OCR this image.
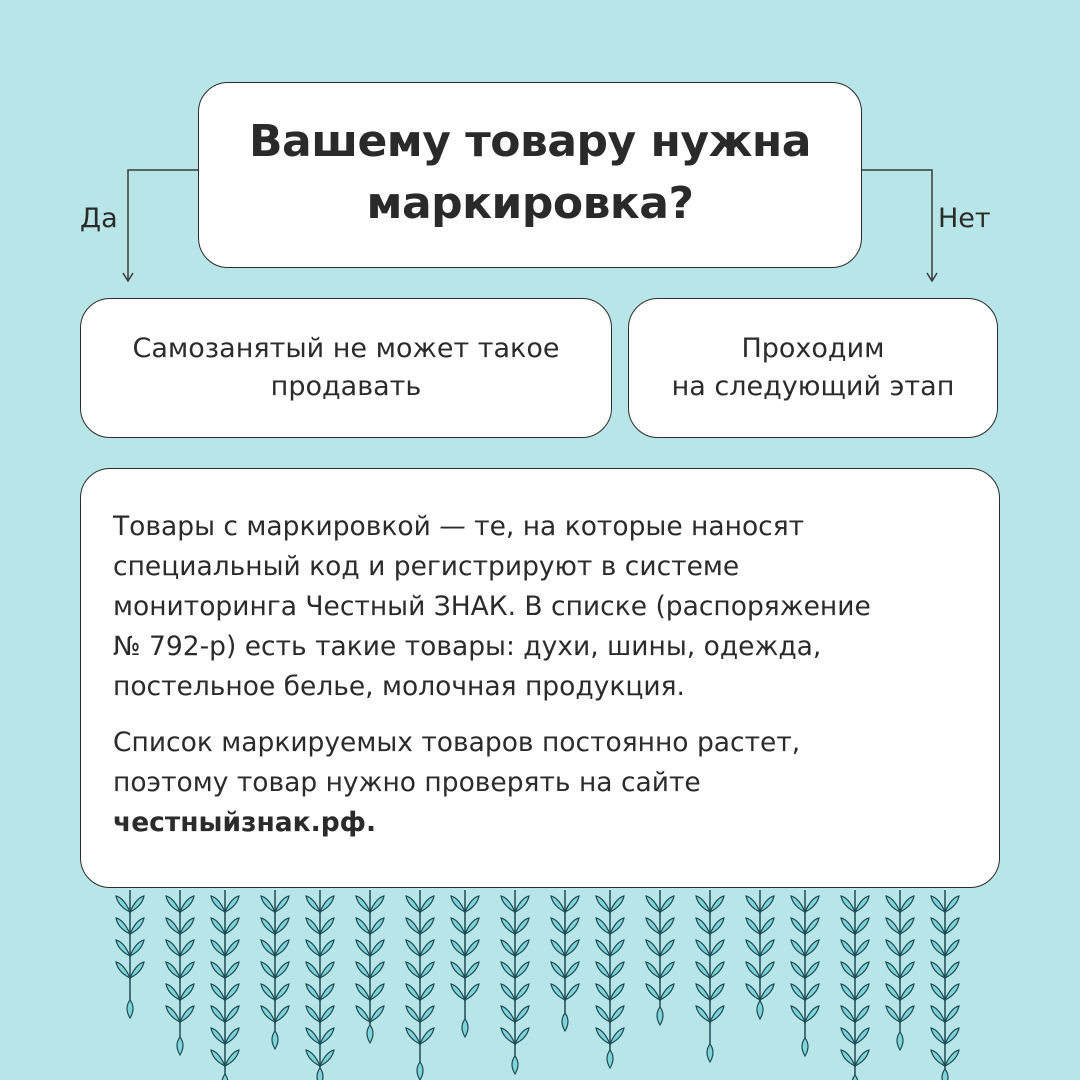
Вашему товару нужна
маркировка?
Да	Нет
Самозанятый не может такое
продавать
Проходим
на следующий этап

Товары с маркировкой — те, на которые наносят
специальный код и регистрируют в системе
мониторинга Честный ЗНАК. В списке (распоряжение
№ 792-р) есть такие товары: духи, шины, одежда,
постельное белье, молочная продукция.

Список маркируемых товаров постоянно растет,
поэтому товар нужно проверять на сайте
честныйзнак.рф.
